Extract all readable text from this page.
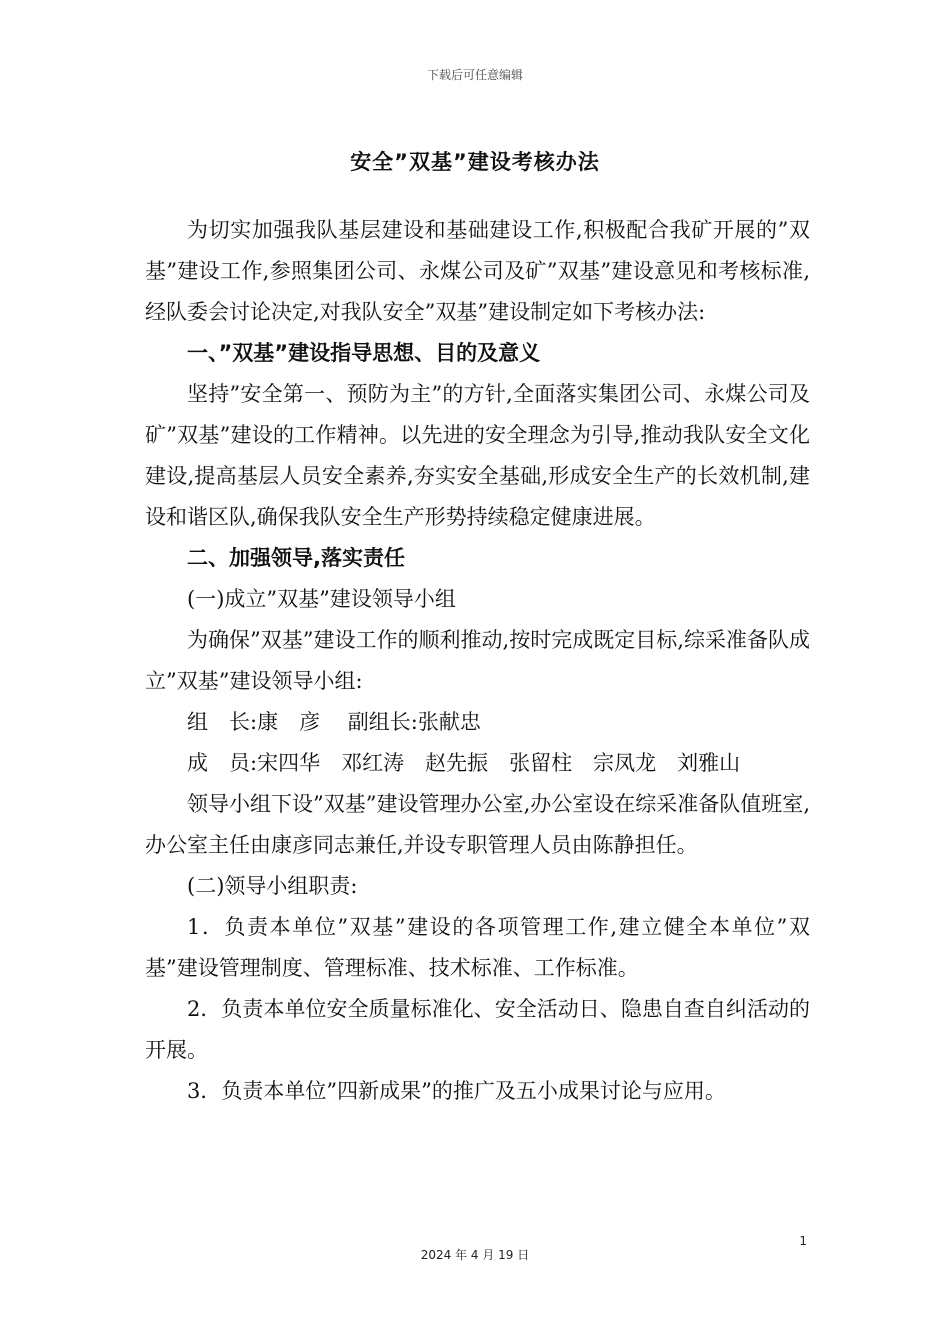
下载后可任意编辑
安全”双基”建设考核办法

为切实加强我队基层建设和基础建设工作,积极配合我矿开展的”双基”建设工作,参照集团公司、永煤公司及矿”双基”建设意见和考核标准,经队委会讨论决定,对我队安全”双基”建设制定如下考核办法:

一、”双基”建设指导思想、目的及意义

坚持”安全第一、预防为主”的方针,全面落实集团公司、永煤公司及矿”双基”建设的工作精神。以先进的安全理念为引导,推动我队安全文化建设,提高基层人员安全素养,夯实安全基础,形成安全生产的长效机制,建设和谐区队,确保我队安全生产形势持续稳定健康进展。

二、加强领导,落实责任

(一)成立”双基”建设领导小组

为确保”双基”建设工作的顺利推动,按时完成既定目标,综采准备队成立”双基”建设领导小组:

组　长:康　彦　 副组长:张献忠

成　员:宋四华　邓红涛　赵先振　张留柱　宗凤龙　刘雅山

领导小组下设”双基”建设管理办公室,办公室设在综采准备队值班室,办公室主任由康彦同志兼任,并设专职管理人员由陈静担任。

(二)领导小组职责:

1．负责本单位”双基”建设的各项管理工作,建立健全本单位”双基”建设管理制度、管理标准、技术标准、工作标准。

2．负责本单位安全质量标准化、安全活动日、隐患自查自纠活动的开展。

3．负责本单位”四新成果”的推广及五小成果讨论与应用。

1
2024 年 4 月 19 日
